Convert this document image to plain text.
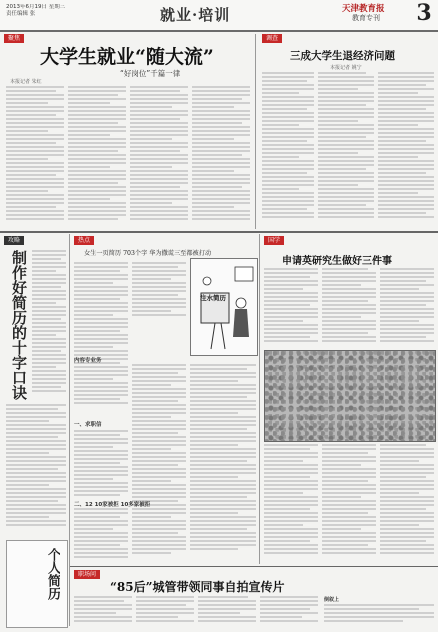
2013年6月19日 星期三
责任编辑 张	就业·培训	天津教育报
教育专刊 3
聚焦
大学生就业“随大流”
“好岗位”千篇一律
本报记者 朱红
调查
三成大学生退经济问题
本报记者 姚宁
攻略
制作好简历的十字口诀
个人简历
热点
女生一页简历 703个字 华为撒谎三至都被打动
注水简历
内容专业务
一、求职信
二、12 10家被拒 10多家被拒
国学
申请英研究生做好三件事
职场问
“85后”城管带领同事自拍宣传片
倒叙上
